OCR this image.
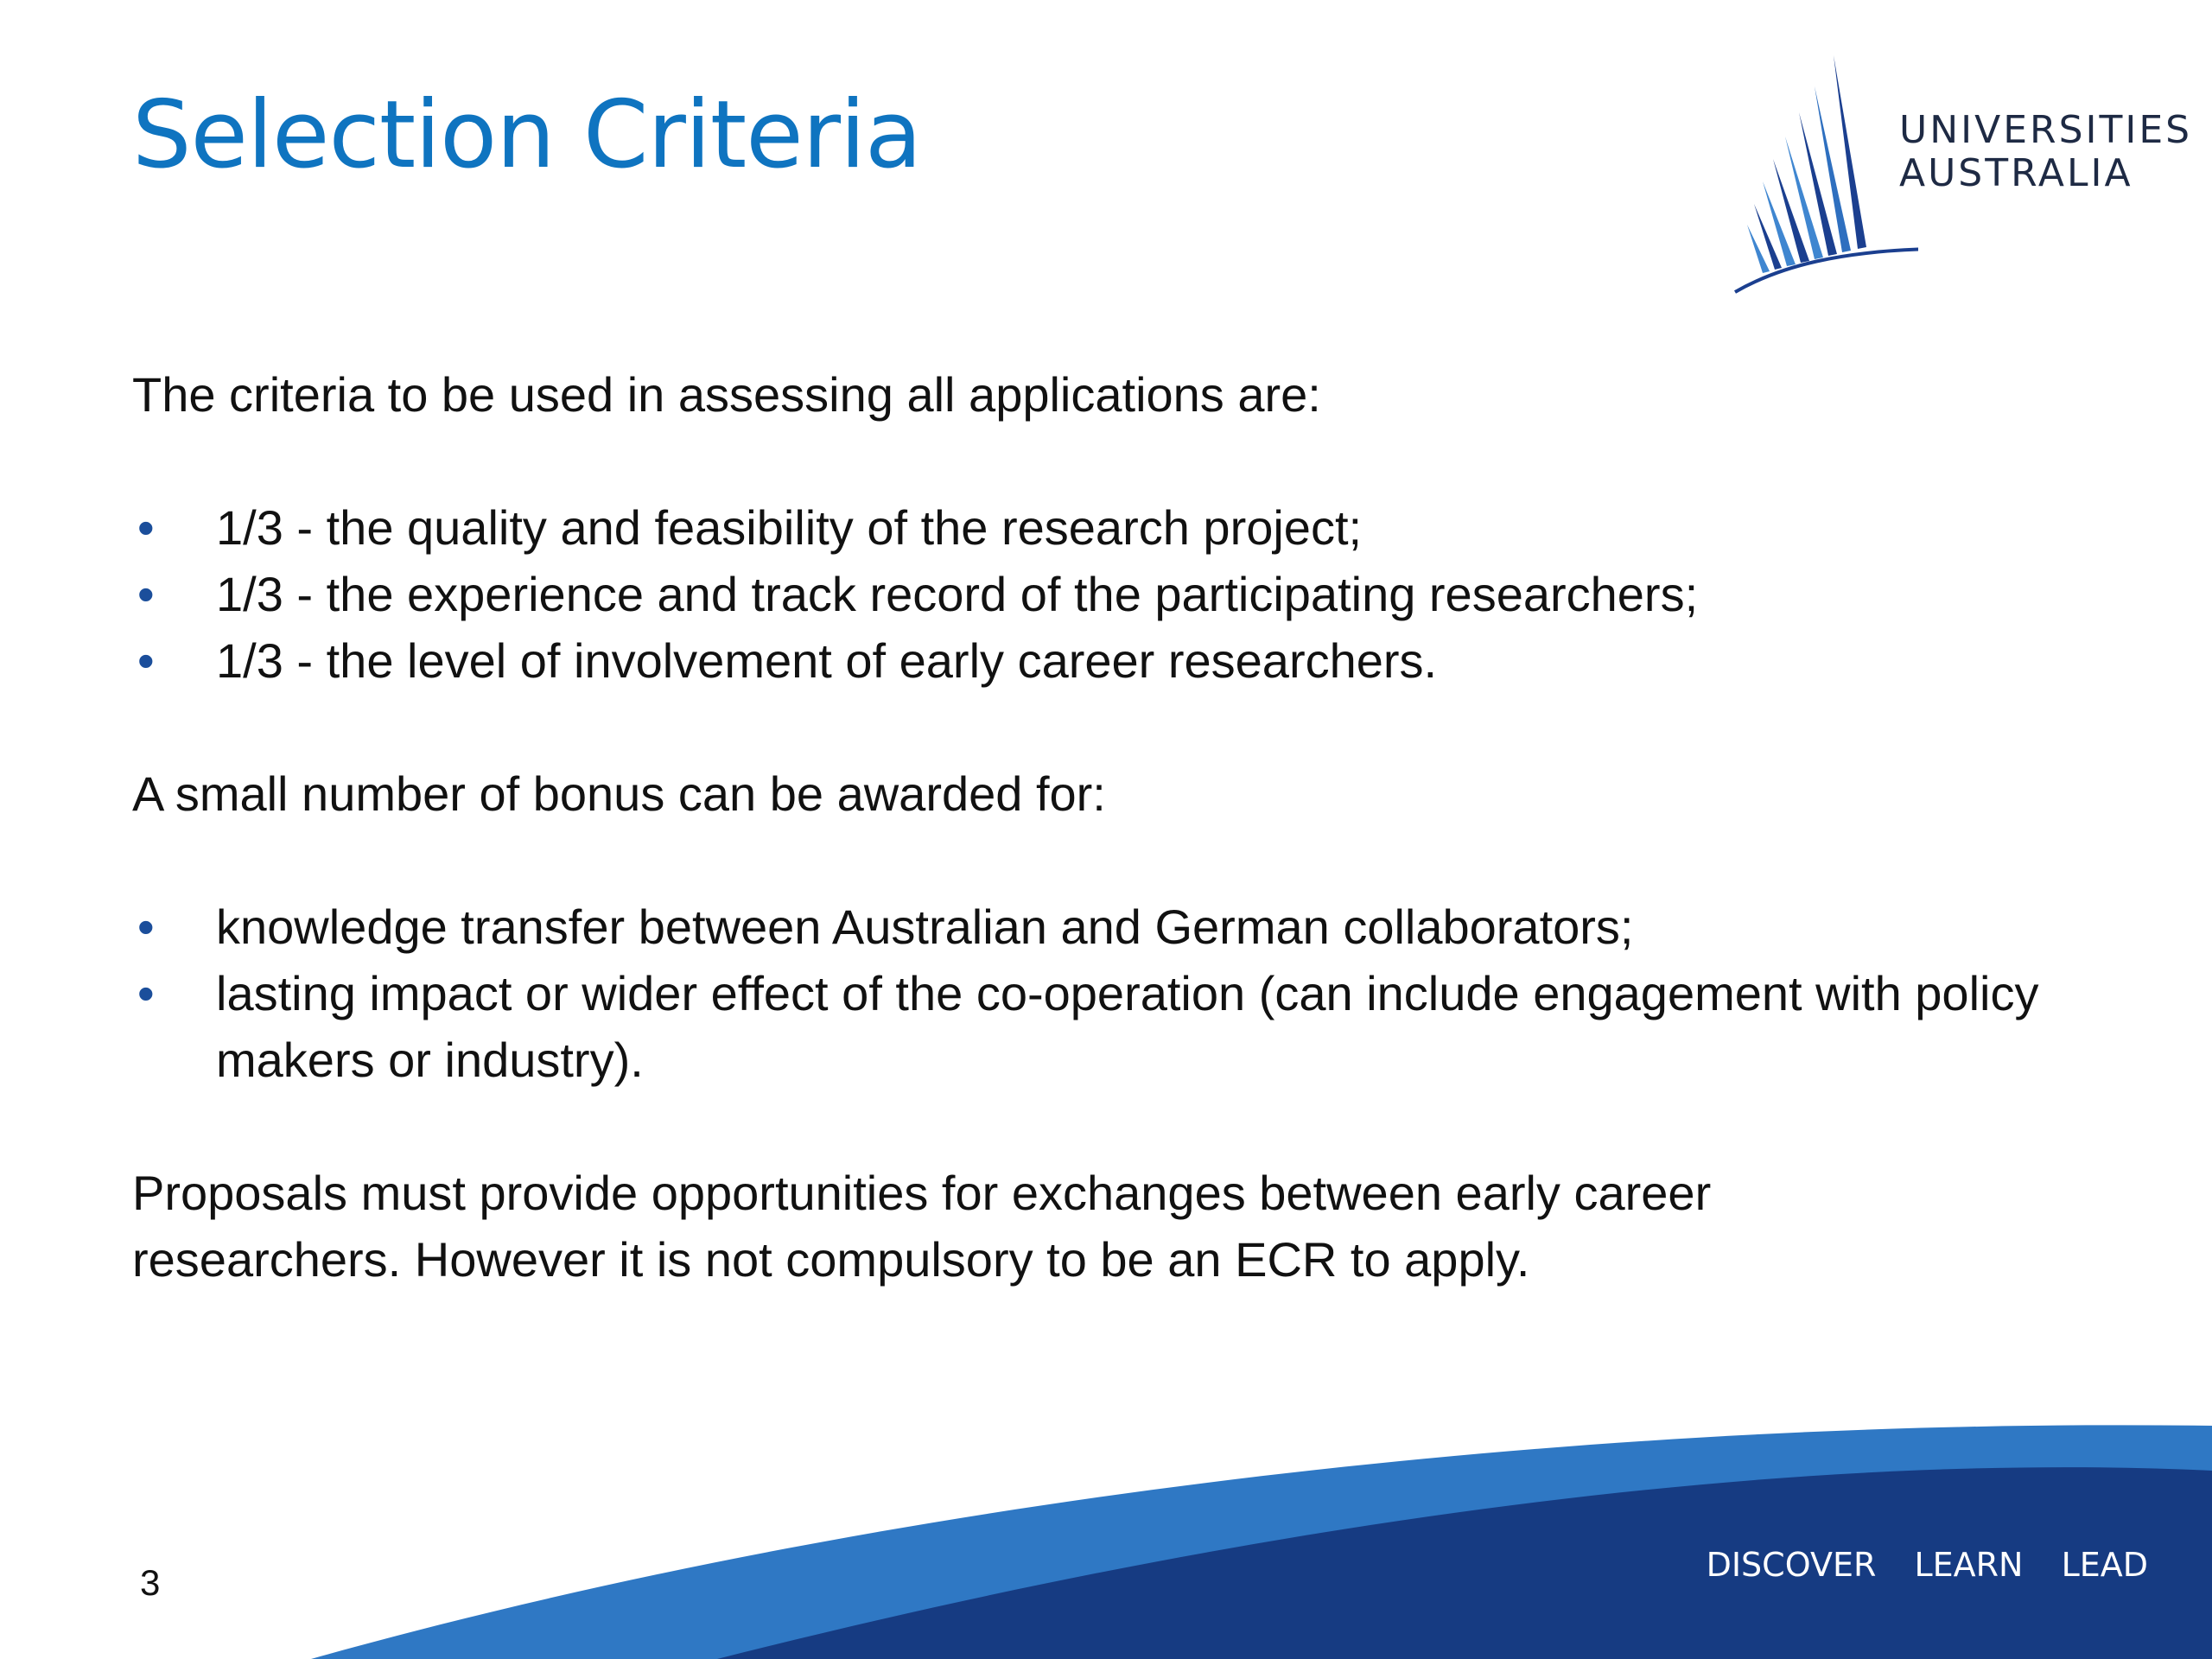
Selection Criteria	UNIVERSITIES
AUSTRALIA

The criteria to be used in assessing all applications are:

• 1/3 - the quality and feasibility of the research project;
• 1/3 - the experience and track record of the participating researchers;
• 1/3 - the level of involvement of early career researchers.

A small number of bonus can be awarded for:

• knowledge transfer between Australian and German collaborators;
• lasting impact or wider effect of the co-operation (can include engagement with policy makers or industry).

Proposals must provide opportunities for exchanges between early career researchers. However it is not compulsory to be an ECR to apply.

DISCOVER LEARN LEAD
3
